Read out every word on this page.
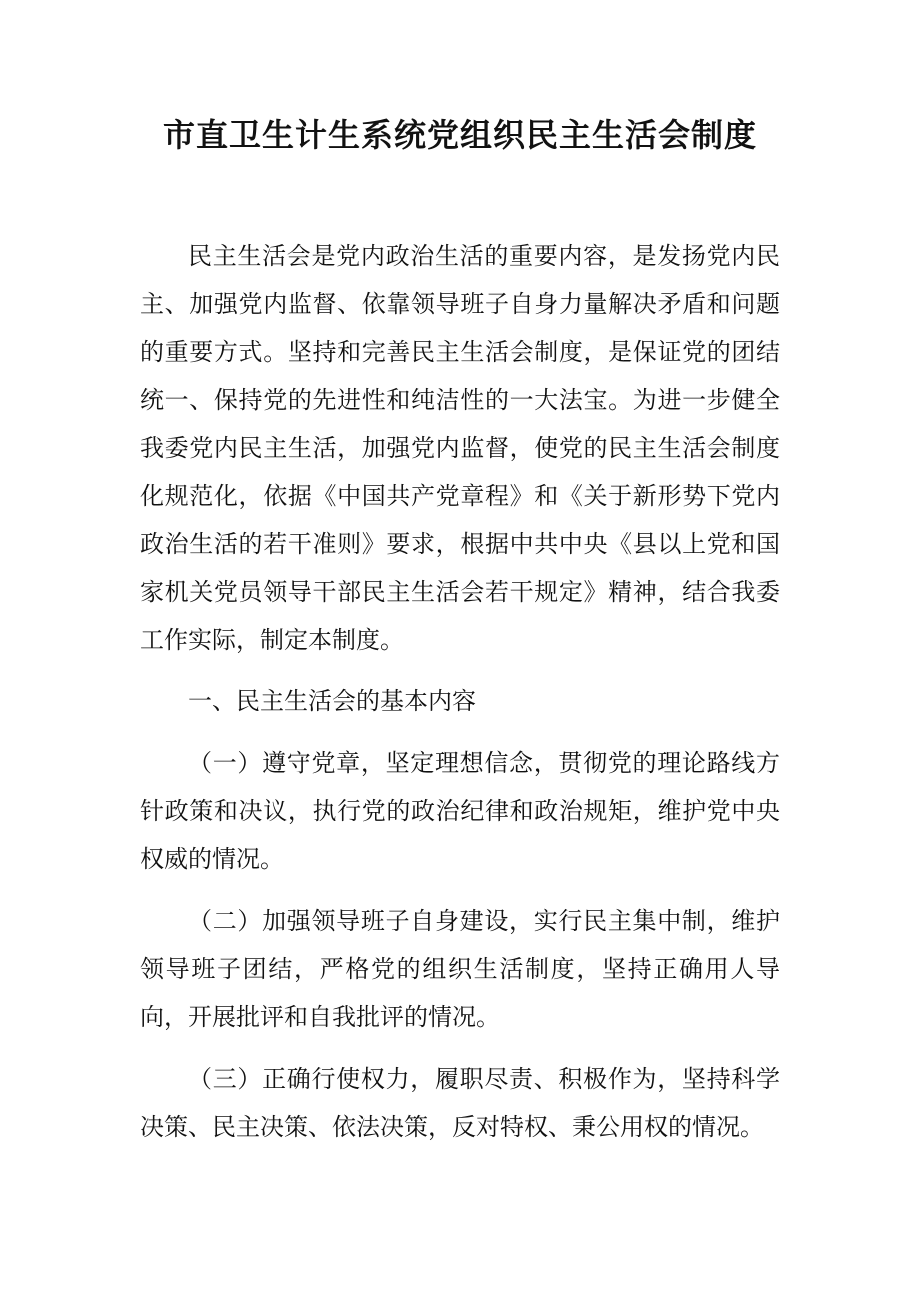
市直卫生计生系统党组织民主生活会制度

民主生活会是党内政治生活的重要内容，是发扬党内民主、加强党内监督、依靠领导班子自身力量解决矛盾和问题的重要方式。坚持和完善民主生活会制度，是保证党的团结统一、保持党的先进性和纯洁性的一大法宝。为进一步健全我委党内民主生活，加强党内监督，使党的民主生活会制度化规范化，依据《中国共产党章程》和《关于新形势下党内政治生活的若干准则》要求，根据中共中央《县以上党和国家机关党员领导干部民主生活会若干规定》精神，结合我委工作实际，制定本制度。

一、民主生活会的基本内容

（一）遵守党章，坚定理想信念，贯彻党的理论路线方针政策和决议，执行党的政治纪律和政治规矩，维护党中央权威的情况。

（二）加强领导班子自身建设，实行民主集中制，维护领导班子团结，严格党的组织生活制度，坚持正确用人导向，开展批评和自我批评的情况。

（三）正确行使权力，履职尽责、积极作为，坚持科学决策、民主决策、依法决策，反对特权、秉公用权的情况。
